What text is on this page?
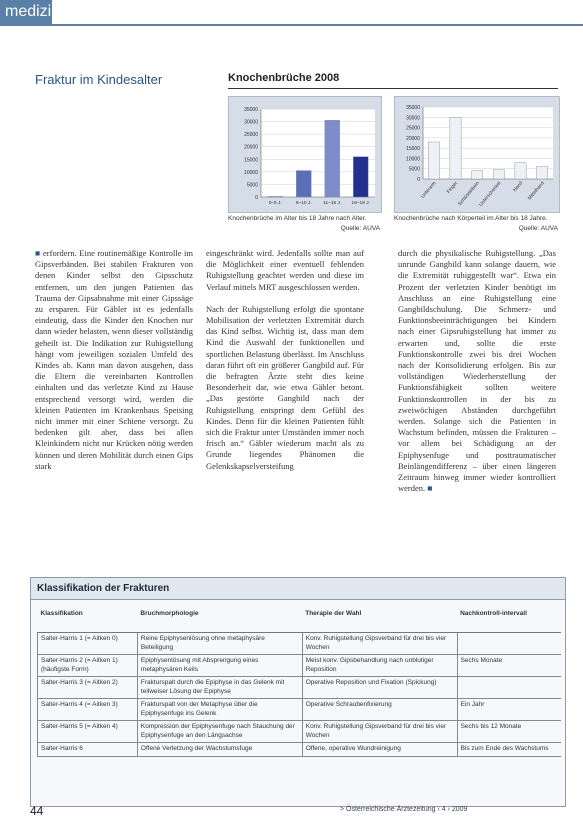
medizin
Fraktur im Kindesalter	Knochenbrüche 2008
0
5000
10000
15000
20000
25000
30000
35000
0–5 J.	6–10 J. 11–15 J. 16–18 J.
Knochenbrüche im Alter bis 18 Jahre nach Alter.
Quelle: AUVA
0
5000
10000
15000
20000
25000
30000
35000
Unterarm Finger
Schlüsselbein
Unterschenkel Hand Mittelhand
Knochenbrüche nach Körperteil im Alter bis 18 Jahre.
Quelle: AUVA

■ erfordern. Eine routinemäßige Kontrolle im Gipsverbänden. Bei stabilen Frakturen von denen Kinder selbst den Gipsschutz entfernen, um den jungen Patienten das Trauma der Gipsabnahme mit einer Gipssäge zu ersparen. Für Gäbler ist es jedenfalls eindeutig, dass die Kinder den Knochen nur dann wieder belasten, wenn dieser vollständig geheilt ist. Die Indikation zur Ruhigstellung hängt vom jeweiligen sozialen Umfeld des Kindes ab. Kann man davon ausgehen, dass die Eltern die vereinbarten Kontrollen einhalten und das verletzte Kind zu Hause entsprechend versorgt wird, werden die kleinen Patienten im Krankenhaus Speising nicht immer mit einer Schiene versorgt. Zu bedenken gilt aber, dass bei allen Kleinkindern nicht nur Krücken nötig werden können und deren Mobilität durch einen Gips stark

eingeschränkt wird. Jedenfalls sollte man auf die Möglichkeit einer eventuell fehlenden Ruhigstellung geachtet werden und diese im Verlauf mittels MRT ausgeschlossen werden.

Nach der Ruhigstellung erfolgt die spontane Mobilisation der verletzten Extremität durch das Kind selbst. Wichtig ist, dass man dem Kind die Auswahl der funktionellen und sportlichen Belastung überlässt. Im Anschluss daran führt oft ein größerer Gangbild auf. Für die befragten Ärzte steht dies keine Besonderheit dar, wie etwa Gäbler betont. „Das gestörte Gangbild nach der Ruhigstellung entspringt dem Gefühl des Kindes. Denn für die kleinen Patienten fühlt sich die Fraktur unter Umständen immer noch frisch an.“ Gäbler wiederum macht als zu Grunde liegendes Phänomen die Gelenkskapselversteifung

durch die physikalische Ruhigstellung. „Das unrunde Gangbild kann solange dauern, wie die Extremität ruhiggestellt war“. Etwa ein Prozent der verletzten Kinder benötigt im Anschluss an eine Ruhigstellung eine Gangbildschulung. Die Schmerz- und Funktionsbeeinträchtigungen bei Kindern nach einer Gipsruhigstellung hat immer zu erwarten und, sollte die erste Funktionskontrolle zwei bis drei Wochen nach der Konsolidierung erfolgen. Bis zur vollständigen Wiederherstellung der Funktionsfähigkeit sollten weitere Funktionskontrollen in der bis zu zweiwöchigen Abständen durchgeführt werden. Solange sich die Patienten in Wachstum befinden, müssen die Frakturen – vor allem bei Schädigung an der Epiphysenfuge und posttraumatischer Beinlängendifferenz – über einen längeren Zeitraum hinweg immer wieder kontrolliert werden. ■

Klassifikation der Frakturen
Klassifikation	Bruchmorphologie	Therapie der Wahl	Nachkontroll-intervall
Salter-Harris 1 (= Aitken 0)	Reine Epiphysenlösung ohne metaphysäre Beteiligung	Konv. Ruhigstellung Gipsverband für drei bis vier Wochen	
Salter-Harris 2 (= Aitken 1) (häufigste Form)	Epiphysenlösung mit Absprengung eines metaphysären Keils	Meist konv. Gipsbehandlung nach unblutiger Reposition	Sechs Monate
Salter-Harris 3 (= Aitken 2)	Frakturspalt durch die Epiphyse in das Gelenk mit teilweiser Lösung der Epiphyse	Operative Reposition und Fixation (Spickung)	
Salter-Harris 4 (= Aitken 3)	Frakturspalt von der Metaphyse über die Epiphysenfuge ins Gelenk	Operative Schraubenfixierung	Ein Jahr
Salter-Harris 5 (= Aitken 4)	Kompression der Epiphysenfuge nach Stauchung der Epiphysenfuge an den Längsachse	Konv. Ruhigstellung Gipsverband für drei bis vier Wochen	Sechs bis 12 Monate
Salter-Harris 6	Offene Verletzung der Wachstumsfuge	Offene, operative Wundreinigung	Bis zum Ende des Wachstums
44	> Österreichische Ärztezeitung ‹ 4 › 2009
